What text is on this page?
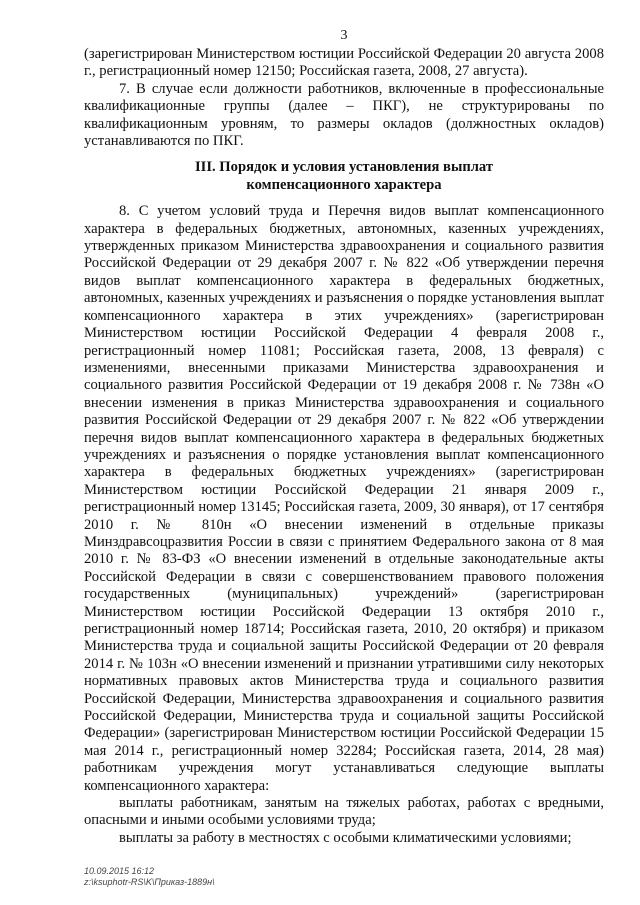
3

(зарегистрирован Министерством юстиции Российской Федерации 20 августа 2008 г., регистрационный номер 12150; Российская газета, 2008, 27 августа).

7. В случае если должности работников, включенные в профессиональные квалификационные группы (далее – ПКГ), не структурированы по квалификационным уровням, то размеры окладов (должностных окладов) устанавливаются по ПКГ.

III. Порядок и условия установления выплат
компенсационного характера

8. С учетом условий труда и Перечня видов выплат компенсационного характера в федеральных бюджетных, автономных, казенных учреждениях, утвержденных приказом Министерства здравоохранения и социального развития Российской Федерации от 29 декабря 2007 г. № 822 «Об утверждении перечня видов выплат компенсационного характера в федеральных бюджетных, автономных, казенных учреждениях и разъяснения о порядке установления выплат компенсационного характера в этих учреждениях» (зарегистрирован Министерством юстиции Российской Федерации 4 февраля 2008 г., регистрационный номер 11081; Российская газета, 2008, 13 февраля) с изменениями, внесенными приказами Министерства здравоохранения и социального развития Российской Федерации от 19 декабря 2008 г. № 738н «О внесении изменения в приказ Министерства здравоохранения и социального развития Российской Федерации от 29 декабря 2007 г. № 822 «Об утверждении перечня видов выплат компенсационного характера в федеральных бюджетных учреждениях и разъяснения о порядке установления выплат компенсационного характера в федеральных бюджетных учреждениях» (зарегистрирован Министерством юстиции Российской Федерации 21 января 2009 г., регистрационный номер 13145; Российская газета, 2009, 30 января), от 17 сентября 2010 г. № 810н «О внесении изменений в отдельные приказы Минздравсоцразвития России в связи с принятием Федерального закона от 8 мая 2010 г. № 83-ФЗ «О внесении изменений в отдельные законодательные акты Российской Федерации в связи с совершенствованием правового положения государственных (муниципальных) учреждений» (зарегистрирован Министерством юстиции Российской Федерации 13 октября 2010 г., регистрационный номер 18714; Российская газета, 2010, 20 октября) и приказом Министерства труда и социальной защиты Российской Федерации от 20 февраля 2014 г. № 103н «О внесении изменений и признании утратившими силу некоторых нормативных правовых актов Министерства труда и социального развития Российской Федерации, Министерства здравоохранения и социального развития Российской Федерации, Министерства труда и социальной защиты Российской Федерации» (зарегистрирован Министерством юстиции Российской Федерации 15 мая 2014 г., регистрационный номер 32284; Российская газета, 2014, 28 мая) работникам учреждения могут устанавливаться следующие выплаты компенсационного характера:

выплаты работникам, занятым на тяжелых работах, работах с вредными, опасными и иными особыми условиями труда;

выплаты за работу в местностях с особыми климатическими условиями;

10.09.2015 16:12
z:\ksuphotr-RS\K\Приказ-1889н\
